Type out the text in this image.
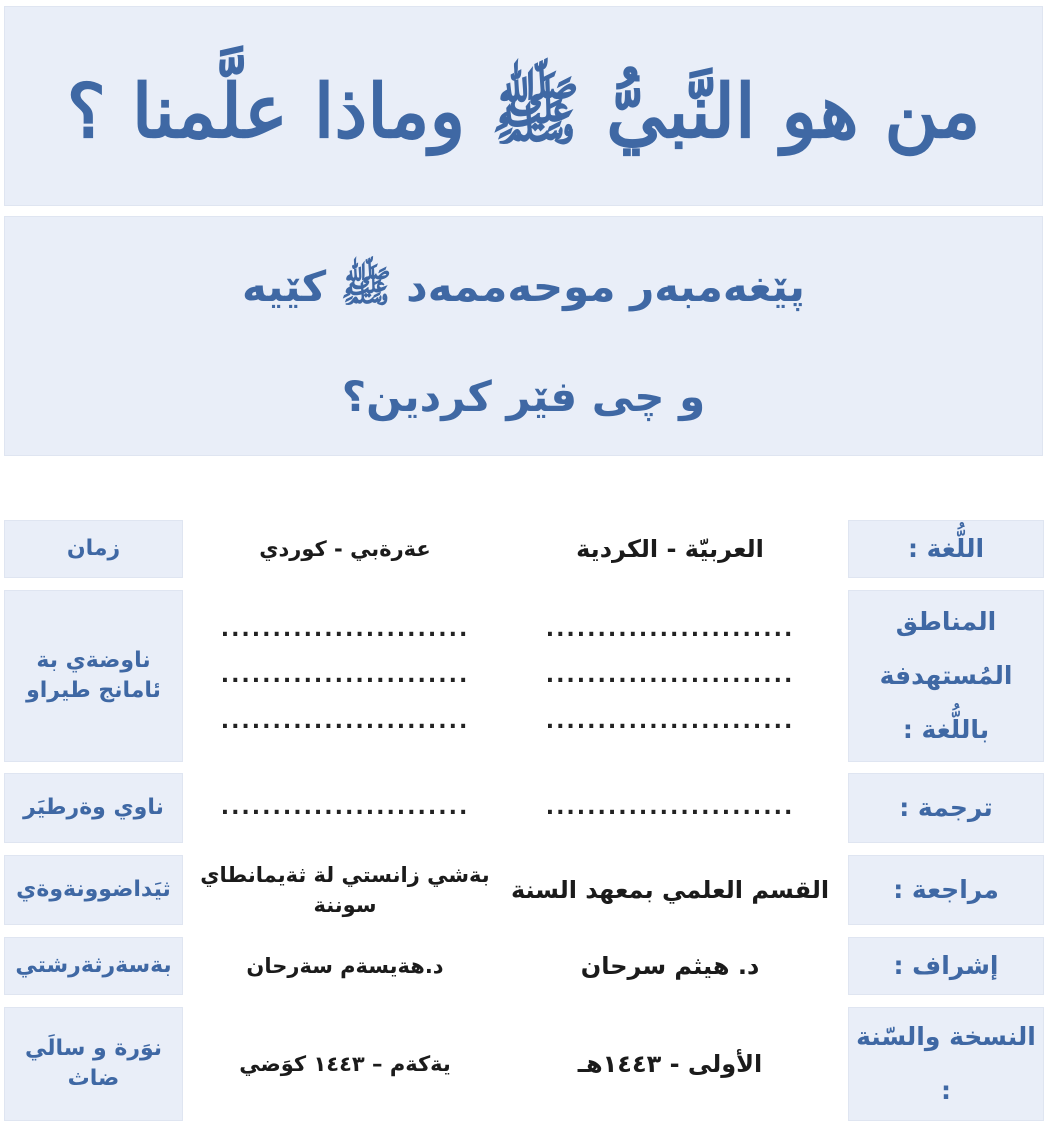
من هو النَّبيُّ ﷺ وماذا علَّمنا ؟
پێغەمبەر موحەممەد ﷺ کێیە
و چی فێر کردین؟
اللُّغة :
العربيّة - الكردية
عةرةبي - كوردي
زمان
المناطق المُستهدفة باللُّغة :
........................
........................
........................
........................
........................
........................
ناوضةي بة ئامانج طيراو
ترجمة :
........................
........................
ناوي وةرطيَر
مراجعة :
القسم العلمي بمعهد السنة
بةشي زانستي لة ثةيمانطاي سوننة
ثيَداضوونةوةي
إشراف :
د. هيثم سرحان
د.هةيسةم سةرحان
بةسةرثةرشتي
النسخة والسّنة :
الأولى - ١٤٤٣هـ
يةكةم – ١٤٤٣ كوَضي
نوَرة و سالَي ضاث
